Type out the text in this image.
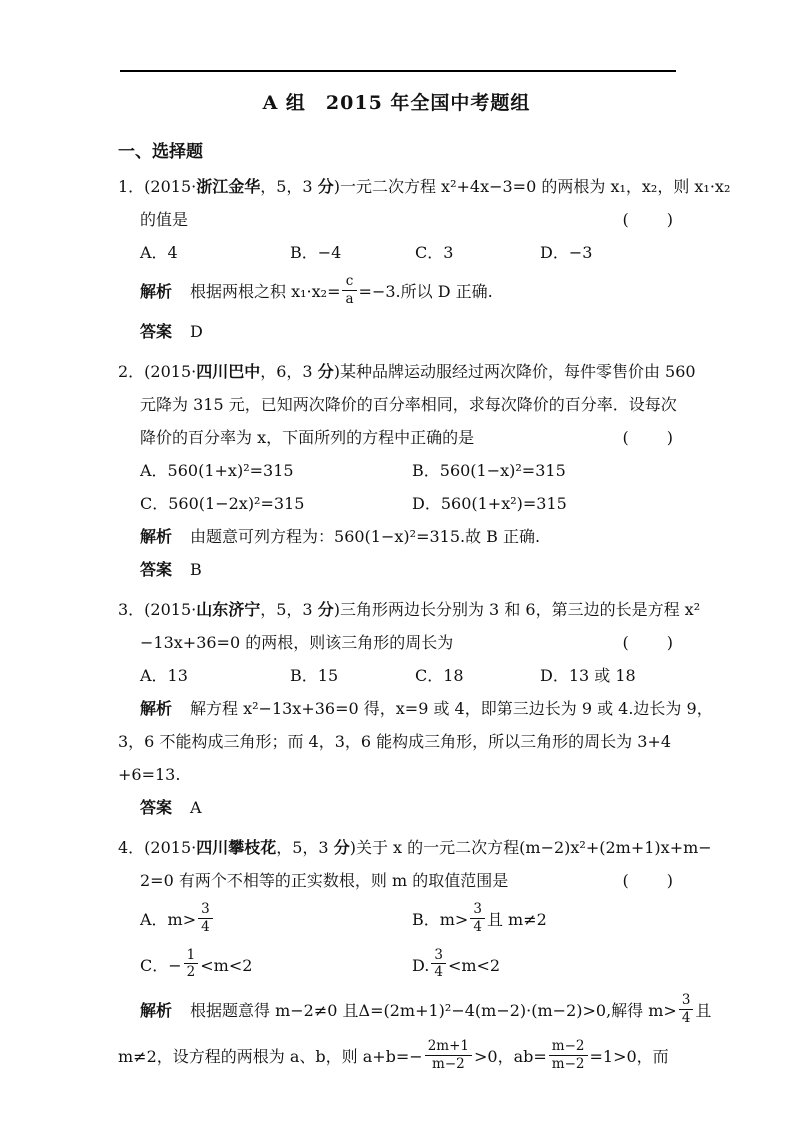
A 组　2015 年全国中考题组
一、选择题
1．(2015·浙江金华，5，3 分)一元二次方程 x²+4x−3=0 的两根为 x₁，x₂，则 x₁·x₂
(　　)
的值是
A．4	B．−4	C．3	D．−3
解析 根据两根之积 $x_1\cdot x_2= \frac{c}{a} =-3$.所以 D 正确.
答案 D
2．(2015·四川巴中，6，3 分)某种品牌运动服经过两次降价，每件零售价由 560
元降为 315 元，已知两次降价的百分率相同，求每次降价的百分率．设每次
(　　)
降价的百分率为 x，下面所列的方程中正确的是
A．560(1+x)²=315	B．560(1−x)²=315
C．560(1−2x)²=315	D．560(1+x²)=315
解析 由题意可列方程为：560(1−x)²=315.故 B 正确.
答案 B
3．(2015·山东济宁，5，3 分)三角形两边长分别为 3 和 6，第三边的长是方程 x²
(　　)
−13x+36=0 的两根，则该三角形的周长为
A．13	B．15	C．18	D．13 或 18
解析 解方程 x²−13x+36=0 得，x=9 或 4，即第三边长为 9 或 4.边长为 9，
3，6 不能构成三角形；而 4，3，6 能构成三角形，所以三角形的周长为 3+4
+6=13.
答案 A
4．(2015·四川攀枝花，5，3 分)关于 x 的一元二次方程(m−2)x²+(2m+1)x+m−
(　　)
2=0 有两个不相等的正实数根，则 m 的取值范围是
A．$m> \frac{3}{4}$	B．$m> \frac{3}{4}$ 且 m≠2
C．− $\frac{1}{2} <m<2$	D. $\frac{3}{4} <m<2$
解析 根据题意得 m−2≠0 且Δ=(2m+1)²−4(m−2)·(m−2)>0,解得 $m> \frac{3}{4}$ 且
m≠2，设方程的两根为 a、b，则 $a+b=- \frac{2m+1}{m-2} >0$，$ab= \frac{m-2}{m-2} =1>0$，而
